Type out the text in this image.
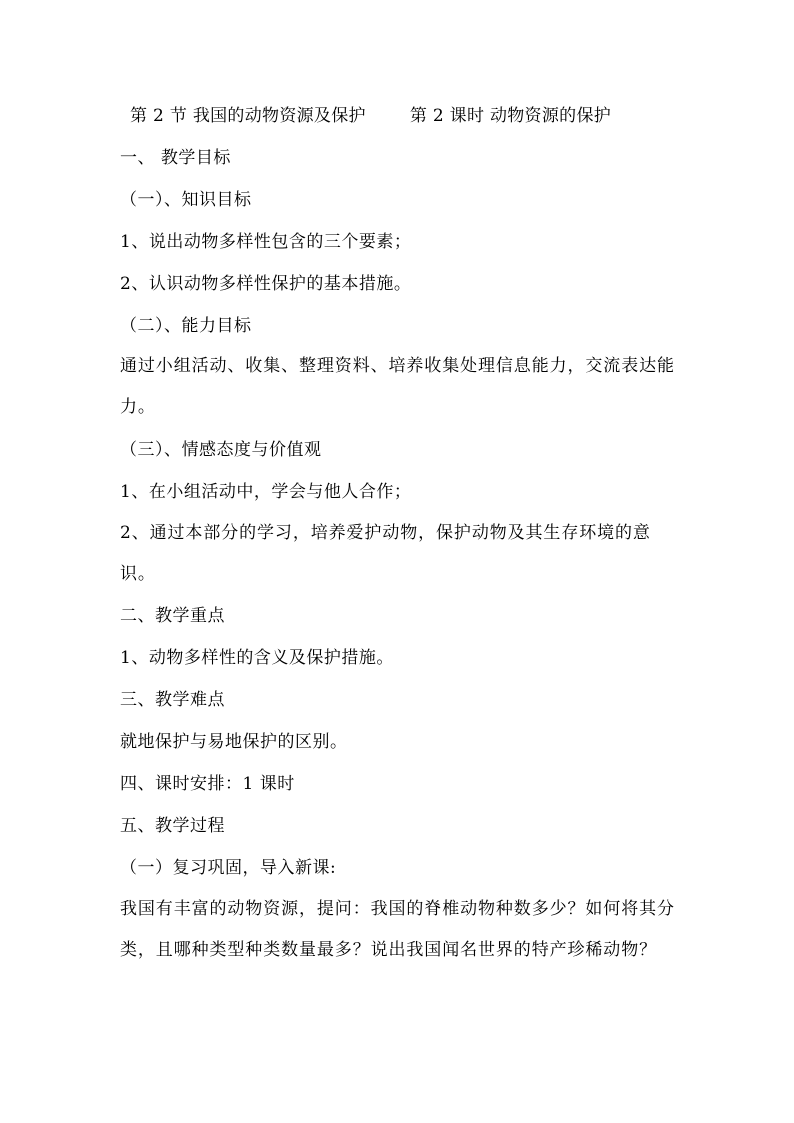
第 2 节 我国的动物资源及保护	第 2 课时 动物资源的保护
一、 教学目标
（一）、知识目标
1、说出动物多样性包含的三个要素；
2、认识动物多样性保护的基本措施。
（二）、能力目标
通过小组活动、收集、整理资料、培养收集处理信息能力，交流表达能力。
（三）、情感态度与价值观
1、在小组活动中，学会与他人合作；
2、通过本部分的学习，培养爱护动物，保护动物及其生存环境的意识。
二、教学重点
1、动物多样性的含义及保护措施。
三、教学难点
就地保护与易地保护的区别。
四、课时安排：1 课时
五、教学过程
（一）复习巩固，导入新课:
我国有丰富的动物资源，提问：我国的脊椎动物种数多少？如何将其分类，且哪种类型种类数量最多？说出我国闻名世界的特产珍稀动物？
